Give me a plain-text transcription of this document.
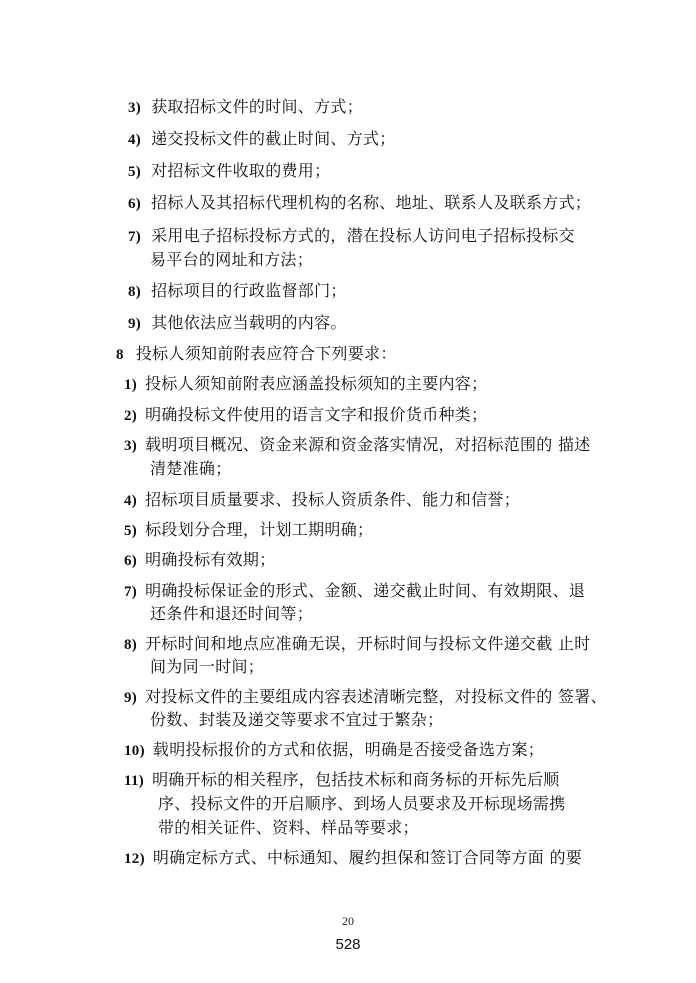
3) 获取招标文件的时间、方式；
4) 递交投标文件的截止时间、方式；
5) 对招标文件收取的费用；
6) 招标人及其招标代理机构的名称、地址、联系人及联系方式；
7) 采用电子招标投标方式的，潜在投标人访问电子招标投标交
易平台的网址和方法；
8) 招标项目的行政监督部门；
9) 其他依法应当载明的内容。
8 投标人须知前附表应符合下列要求：
1) 投标人须知前附表应涵盖投标须知的主要内容；
2) 明确投标文件使用的语言文字和报价货币种类；
3) 载明项目概况、资金来源和资金落实情况，对招标范围的 描述
清楚准确；
4) 招标项目质量要求、投标人资质条件、能力和信誉；
5) 标段划分合理，计划工期明确；
6) 明确投标有效期；
7) 明确投标保证金的形式、金额、递交截止时间、有效期限、退
还条件和退还时间等；
8) 开标时间和地点应准确无误，开标时间与投标文件递交截 止时
间为同一时间；
9) 对投标文件的主要组成内容表述清晰完整，对投标文件的 签署、
份数、封装及递交等要求不宜过于繁杂；
10) 载明投标报价的方式和依据，明确是否接受备选方案；
11) 明确开标的相关程序，包括技术标和商务标的开标先后顺
序、投标文件的开启顺序、到场人员要求及开标现场需携
带的相关证件、资料、样品等要求；
12) 明确定标方式、中标通知、履约担保和签订合同等方面 的要
20
528
